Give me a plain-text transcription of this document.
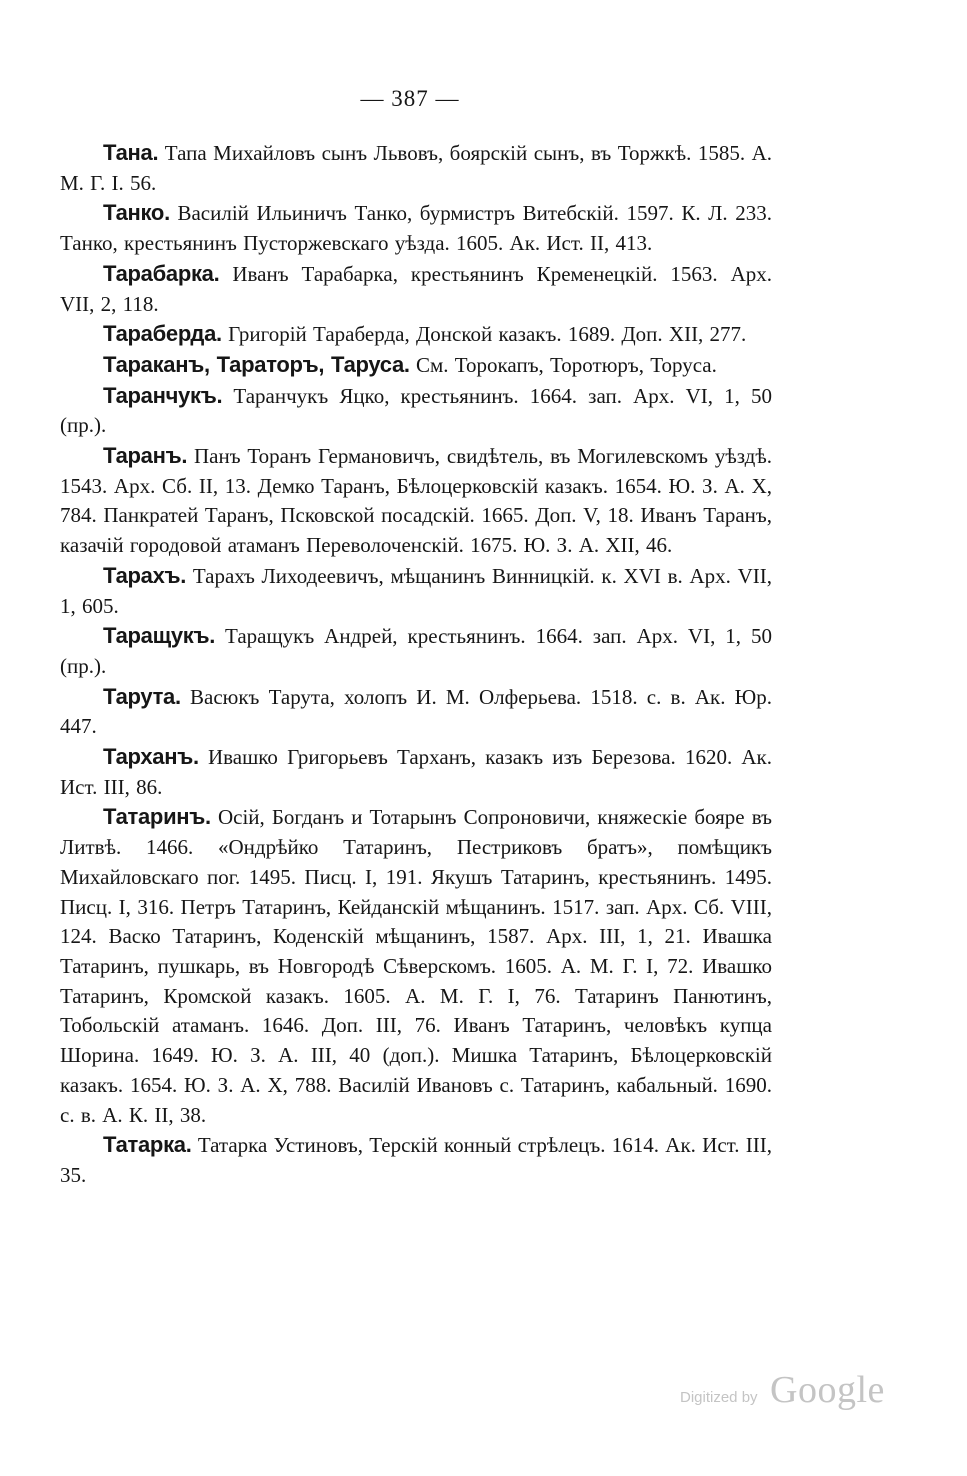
— 387 —

Тана. Тапа Михайловъ сынъ Львовъ, боярскій сынъ, въ Торжкѣ. 1585. А. М. Г. I. 56.

Танко. Василій Ильиничъ Танко, бурмистръ Витебскій. 1597. К. Л. 233. Танко, крестьянинъ Пусторжевскаго уѣзда. 1605. Ак. Ист. II, 413.

Тарабарка. Иванъ Тарабарка, крестьянинъ Кременецкій. 1563. Арх. VII, 2, 118.

Тараберда. Григорій Тараберда, Донской казакъ. 1689. Доп. XII, 277.

Тараканъ, Тараторъ, Таруса. См. Торокапъ, Торотюръ, Торуса.

Таранчукъ. Таранчукъ Яцко, крестьянинъ. 1664. зап. Арх. VI, 1, 50 (пр.).

Таранъ. Панъ Торанъ Германовичъ, свидѣтель, въ Могилевскомъ уѣздѣ. 1543. Арх. Сб. II, 13. Демко Таранъ, Бѣлоцерковскій казакъ. 1654. Ю. З. А. X, 784. Панкратей Таранъ, Псковской посадскій. 1665. Доп. V, 18. Иванъ Таранъ, казачій городовой атаманъ Переволоченскій. 1675. Ю. З. А. XII, 46.

Тарахъ. Тарахъ Лиходеевичъ, мѣщанинъ Винницкій. к. XVI в. Арх. VII, 1, 605.

Таращукъ. Таращукъ Андрей, крестьянинъ. 1664. зап. Арх. VI, 1, 50 (пр.).

Тарута. Васюкъ Тарута, холопъ И. М. Олферьева. 1518. с. в. Ак. Юр. 447.

Тарханъ. Ивашко Григорьевъ Тарханъ, казакъ изъ Березова. 1620. Ак. Ист. III, 86.

Татаринъ. Осій, Богданъ и Тотарынъ Сопроновичи, княжескіе бояре въ Литвѣ. 1466. «Ондрѣйко Татаринъ, Пестриковъ братъ», помѣщикъ Михайловскаго пог. 1495. Писц. I, 191. Якушъ Татаринъ, крестьянинъ. 1495. Писц. I, 316. Петръ Татаринъ, Кейданскій мѣщанинъ. 1517. зап. Арх. Сб. VIII, 124. Васко Татаринъ, Коденскій мѣщанинъ, 1587. Арх. III, 1, 21. Ивашка Татаринъ, пушкарь, въ Новгородѣ Сѣверскомъ. 1605. А. М. Г. I, 72. Ивашко Татаринъ, Кромской казакъ. 1605. А. М. Г. I, 76. Татаринъ Панютинъ, Тобольскій атаманъ. 1646. Доп. III, 76. Иванъ Татаринъ, человѣкъ купца Шорина. 1649. Ю. З. А. III, 40 (доп.). Мишка Татаринъ, Бѣлоцерковскій казакъ. 1654. Ю. З. А. X, 788. Василій Ивановъ с. Татаринъ, кабальный. 1690. с. в. А. К. II, 38.

Татарка. Татарка Устиновъ, Терскій конный стрѣлецъ. 1614. Ак. Ист. III, 35.

Digitized by Google
